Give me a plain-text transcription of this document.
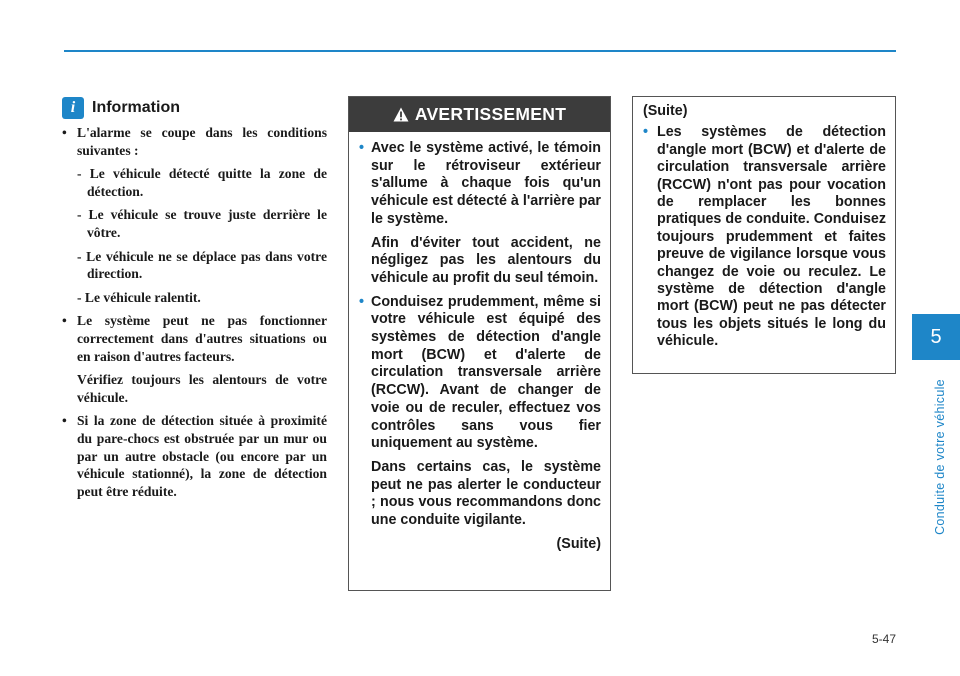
5
Conduite de votre véhicule
5-47
i	Information
• L'alarme se coupe dans les conditions suivantes :
- Le véhicule détecté quitte la zone de détection.
- Le véhicule se trouve juste derrière le vôtre.
- Le véhicule ne se déplace pas dans votre direction.
- Le véhicule ralentit.
• Le système peut ne pas fonctionner correctement dans d'autres situations ou en raison d'autres facteurs.
Vérifiez toujours les alentours de votre véhicule.
• Si la zone de détection située à proximité du pare-chocs est obstruée par un mur ou par un autre obstacle (ou encore par un véhicule stationné), la zone de détection peut être réduite.
AVERTISSEMENT
• Avec le système activé, le témoin sur le rétroviseur extérieur s'allume à chaque fois qu'un véhicule est détecté à l'arrière par le système.
Afin d'éviter tout accident, ne négligez pas les alentours du véhicule au profit du seul témoin.
• Conduisez prudemment, même si votre véhicule est équipé des systèmes de détection d'angle mort (BCW) et d'alerte de circulation transversale arrière (RCCW). Avant de changer de voie ou de reculer, effectuez vos contrôles sans vous fier uniquement au système.
Dans certains cas, le système peut ne pas alerter le conducteur ; nous vous recommandons donc une conduite vigilante.
(Suite)
(Suite)
• Les systèmes de détection d'angle mort (BCW) et d'alerte de circulation transversale arrière (RCCW) n'ont pas pour vocation de remplacer les bonnes pratiques de conduite. Conduisez toujours prudemment et faites preuve de vigilance lorsque vous changez de voie ou reculez. Le système de détection d'angle mort (BCW) peut ne pas détecter tous les objets situés le long du véhicule.
